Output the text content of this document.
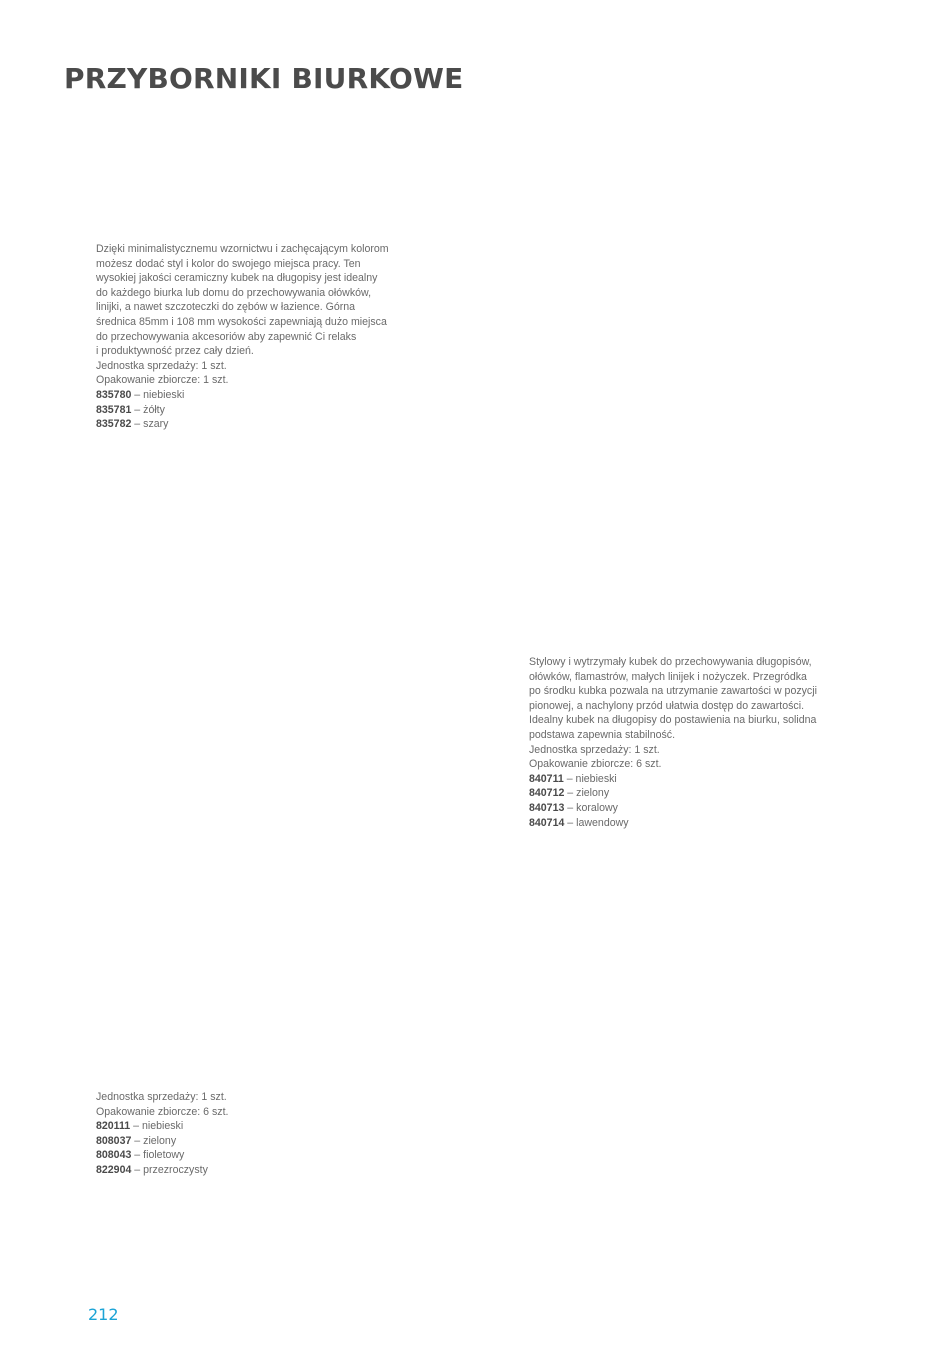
PRZYBORNIKI BIURKOWE

Dzięki minimalistycznemu wzornictwu i zachęcającym kolorom

możesz dodać styl i kolor do swojego miejsca pracy. Ten

wysokiej jakości ceramiczny kubek na długopisy jest idealny

do każdego biurka lub domu do przechowywania ołówków,

linijki, a nawet szczoteczki do zębów w łazience. Górna

średnica 85mm i 108 mm wysokości zapewniają dużo miejsca

do przechowywania akcesoriów aby zapewnić Ci relaks

i produktywność przez cały dzień.

Jednostka sprzedaży: 1 szt.

Opakowanie zbiorcze: 1 szt.

835780 – niebieski

835781 – żółty

835782 – szary

Stylowy i wytrzymały kubek do przechowywania długopisów,

ołówków, flamastrów, małych linijek i nożyczek. Przegródka

po środku kubka pozwala na utrzymanie zawartości w pozycji

pionowej, a nachylony przód ułatwia dostęp do zawartości.

Idealny kubek na długopisy do postawienia na biurku, solidna

podstawa zapewnia stabilność.

Jednostka sprzedaży: 1 szt.

Opakowanie zbiorcze: 6 szt.

840711 – niebieski

840712 – zielony

840713 – koralowy

840714 – lawendowy

Jednostka sprzedaży: 1 szt.

Opakowanie zbiorcze: 6 szt.

820111 – niebieski

808037 – zielony

808043 – fioletowy

822904 – przezroczysty

212
